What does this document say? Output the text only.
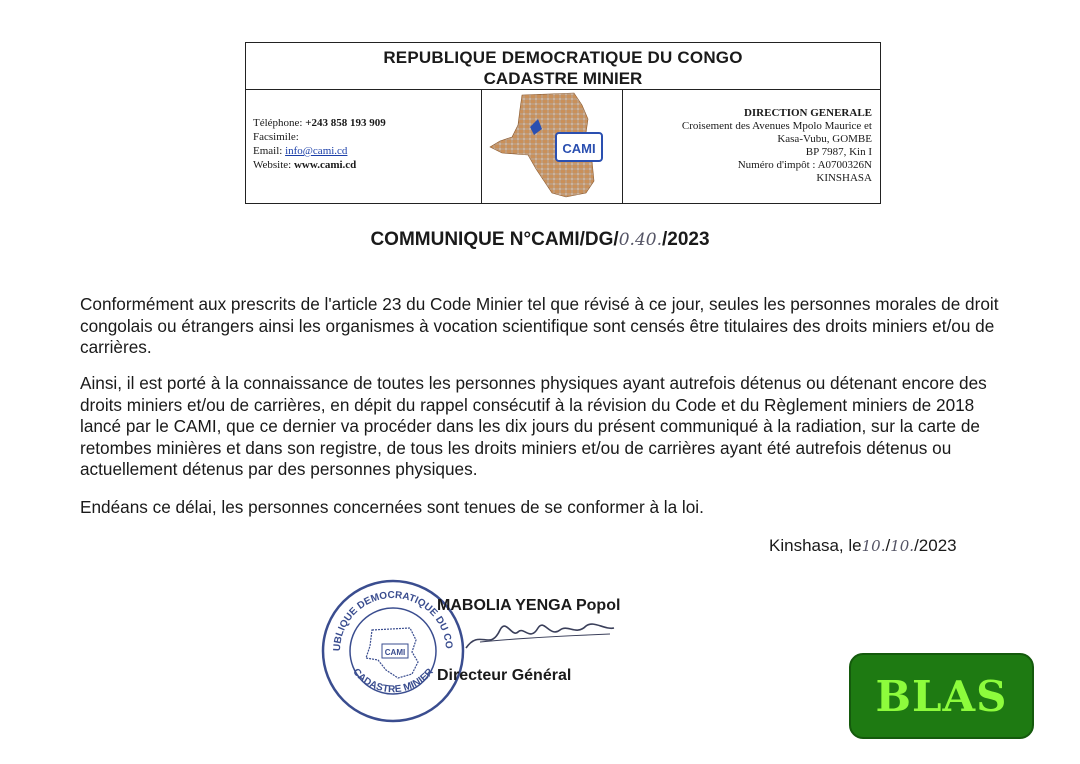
REPUBLIQUE DEMOCRATIQUE DU CONGO
CADASTRE MINIER
Téléphone: +243 858 193 909
Facsimile:
Email: info@cami.cd
Website: www.cami.cd
CAMI
DIRECTION GENERALE
Croisement des Avenues Mpolo Maurice et
Kasa-Vubu, GOMBE
BP 7987, Kin I
Numéro d'impôt : A0700326N
KINSHASA
COMMUNIQUE N°CAMI/DG/0.40./2023
Conformément aux prescrits de l'article 23 du Code Minier tel que révisé à ce jour, seules les personnes morales de droit congolais ou étrangers ainsi les organismes à vocation scientifique sont censés être titulaires des droits miniers et/ou de carrières.
Ainsi, il est porté à la connaissance de toutes les personnes physiques ayant autrefois détenus ou détenant encore des droits miniers et/ou de carrières, en dépit du rappel consécutif à la révision du Code et du Règlement miniers de 2018 lancé par le CAMI, que ce dernier va procéder dans les dix jours du présent communiqué à la radiation, sur la carte de retombes minières et dans son registre, de tous les droits miniers et/ou de carrières ayant été autrefois détenus ou actuellement détenus par des personnes physiques.
Endéans ce délai, les personnes concernées sont tenues de se conformer à la loi.
Kinshasa, le10./10./2023
UBLIQUE DEMOCRATIQUE DU CO
CADASTRE MINIER
CAMI
MABOLIA YENGA Popol
Directeur Général	BLAS
